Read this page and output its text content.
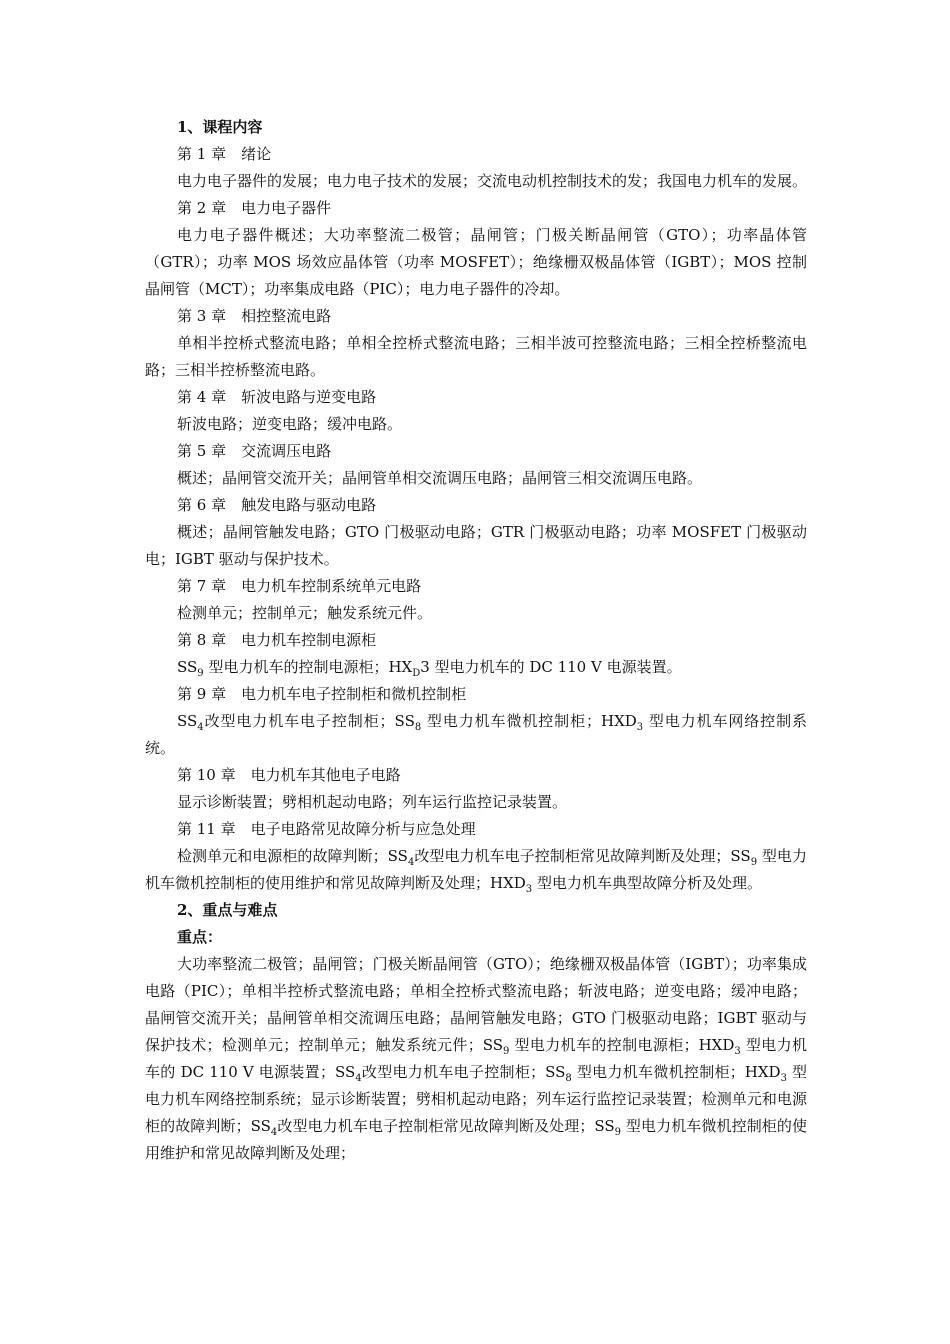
1、课程内容

第 1 章　绪论

电力电子器件的发展；电力电子技术的发展；交流电动机控制技术的发；我国电力机车的发展。

第 2 章　电力电子器件

电力电子器件概述；大功率整流二极管；晶闸管；门极关断晶闸管（GTO）；功率晶体管（GTR）；功率 MOS 场效应晶体管（功率 MOSFET）；绝缘栅双极晶体管（IGBT）；MOS 控制晶闸管（MCT）；功率集成电路（PIC）；电力电子器件的冷却。

第 3 章　相控整流电路

单相半控桥式整流电路；单相全控桥式整流电路；三相半波可控整流电路；三相全控桥整流电路；三相半控桥整流电路。

第 4 章　斩波电路与逆变电路

斩波电路；逆变电路；缓冲电路。

第 5 章　交流调压电路

概述；晶闸管交流开关；晶闸管单相交流调压电路；晶闸管三相交流调压电路。

第 6 章　触发电路与驱动电路

概述；晶闸管触发电路；GTO 门极驱动电路；GTR 门极驱动电路；功率 MOSFET 门极驱动电；IGBT 驱动与保护技术。

第 7 章　电力机车控制系统单元电路

检测单元；控制单元；触发系统元件。

第 8 章　电力机车控制电源柜

$SS_9$ 型电力机车的控制电源柜；$HX_D3$ 型电力机车的 DC 110 V 电源装置。

第 9 章　电力机车电子控制柜和微机控制柜

$SS_4$改型电力机车电子控制柜；$SS_8$ 型电力机车微机控制柜；$HXD_3$ 型电力机车网络控制系统。

第 10 章　电力机车其他电子电路

显示诊断装置；劈相机起动电路；列车运行监控记录装置。

第 11 章　电子电路常见故障分析与应急处理

检测单元和电源柜的故障判断；$SS_4$改型电力机车电子控制柜常见故障判断及处理；$SS_9$ 型电力机车微机控制柜的使用维护和常见故障判断及处理；$HXD_3$ 型电力机车典型故障分析及处理。

2、重点与难点

重点：

大功率整流二极管；晶闸管；门极关断晶闸管（GTO）；绝缘栅双极晶体管（IGBT）；功率集成电路（PIC）；单相半控桥式整流电路；单相全控桥式整流电路；斩波电路；逆变电路；缓冲电路；晶闸管交流开关；晶闸管单相交流调压电路；晶闸管触发电路；GTO 门极驱动电路；IGBT 驱动与保护技术；检测单元；控制单元；触发系统元件；$SS_9$ 型电力机车的控制电源柜；$HXD_3$ 型电力机车的 DC 110 V 电源装置；$SS_4$改型电力机车电子控制柜；$SS_8$ 型电力机车微机控制柜；$HXD_3$ 型电力机车网络控制系统；显示诊断装置；劈相机起动电路；列车运行监控记录装置；检测单元和电源柜的故障判断；$SS_4$改型电力机车电子控制柜常见故障判断及处理；$SS_9$ 型电力机车微机控制柜的使用维护和常见故障判断及处理；
